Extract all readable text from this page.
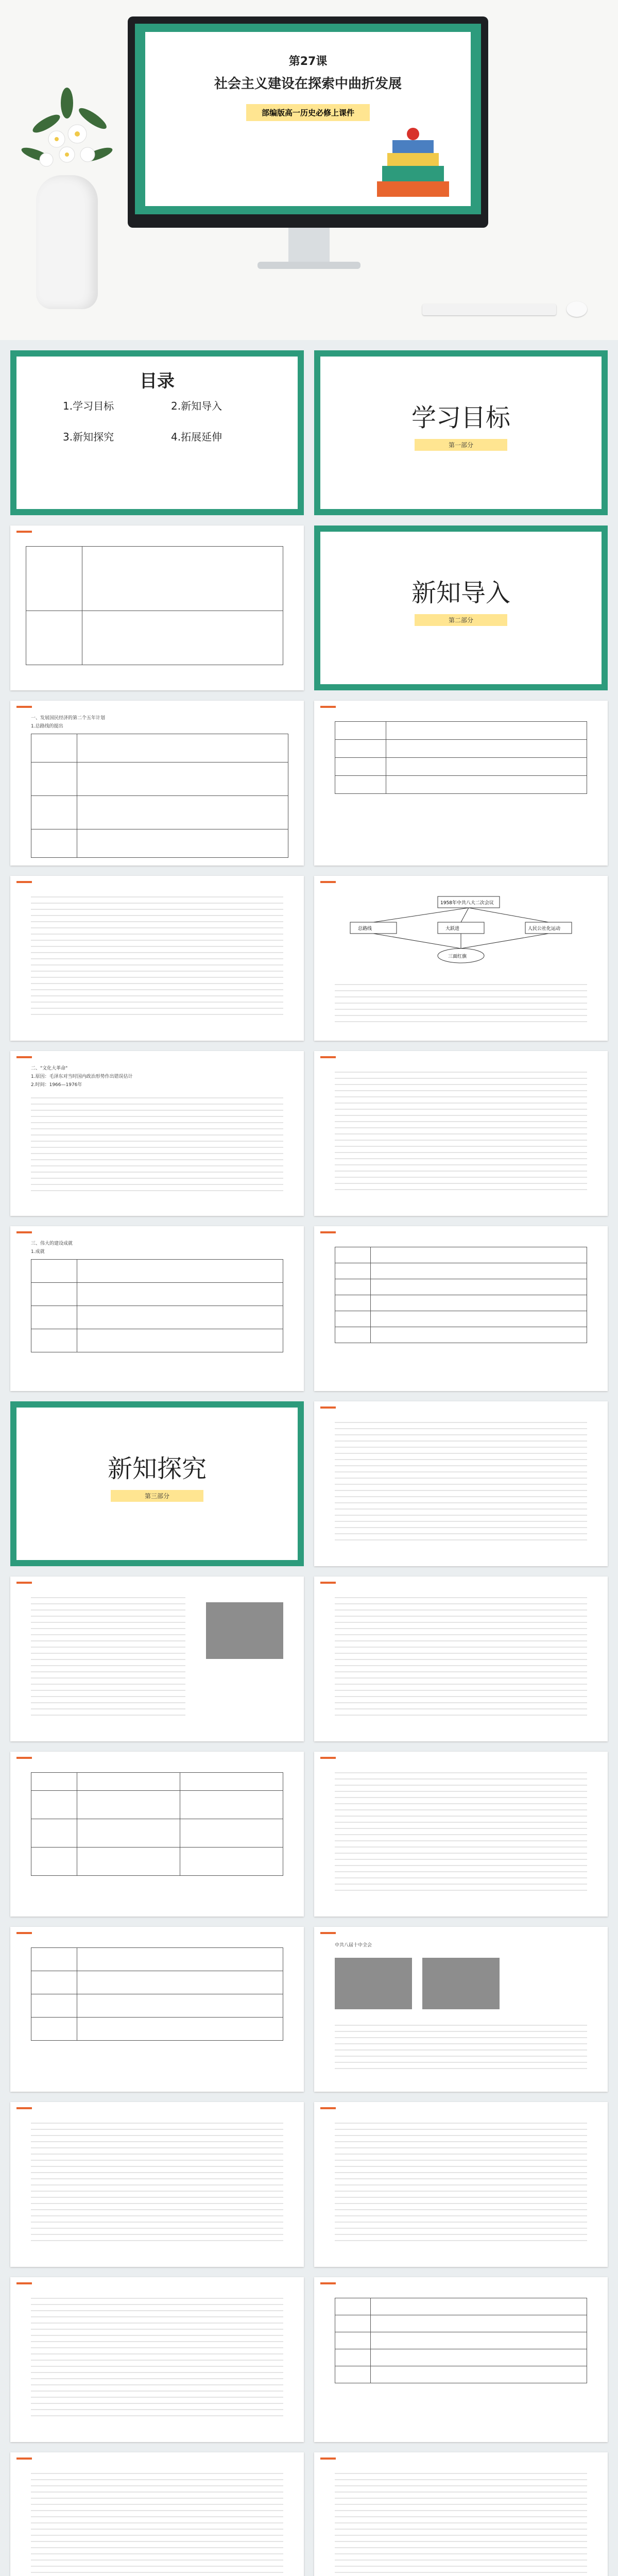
第27课
社会主义建设在探索中曲折发展
部编版高一历史必修上课件
目录
1.学习目标	2.新知导入
3.新知探究	4.拓展延伸
学习目标
第一部分

新知导入
第二部分
一、发展国民经济的第二个五年计划
1.总路线的提出

1958年中共八大二次会议
总路线	大跃进	人民公社化运动
三面红旗
二、"文化大革命"
1.原因：毛泽东对当时国内政治形势作出错误估计
2.时间：1966—1976年
三、伟大的建设成就
1.成就

新知探究
第三部分

中共八届十中全会
